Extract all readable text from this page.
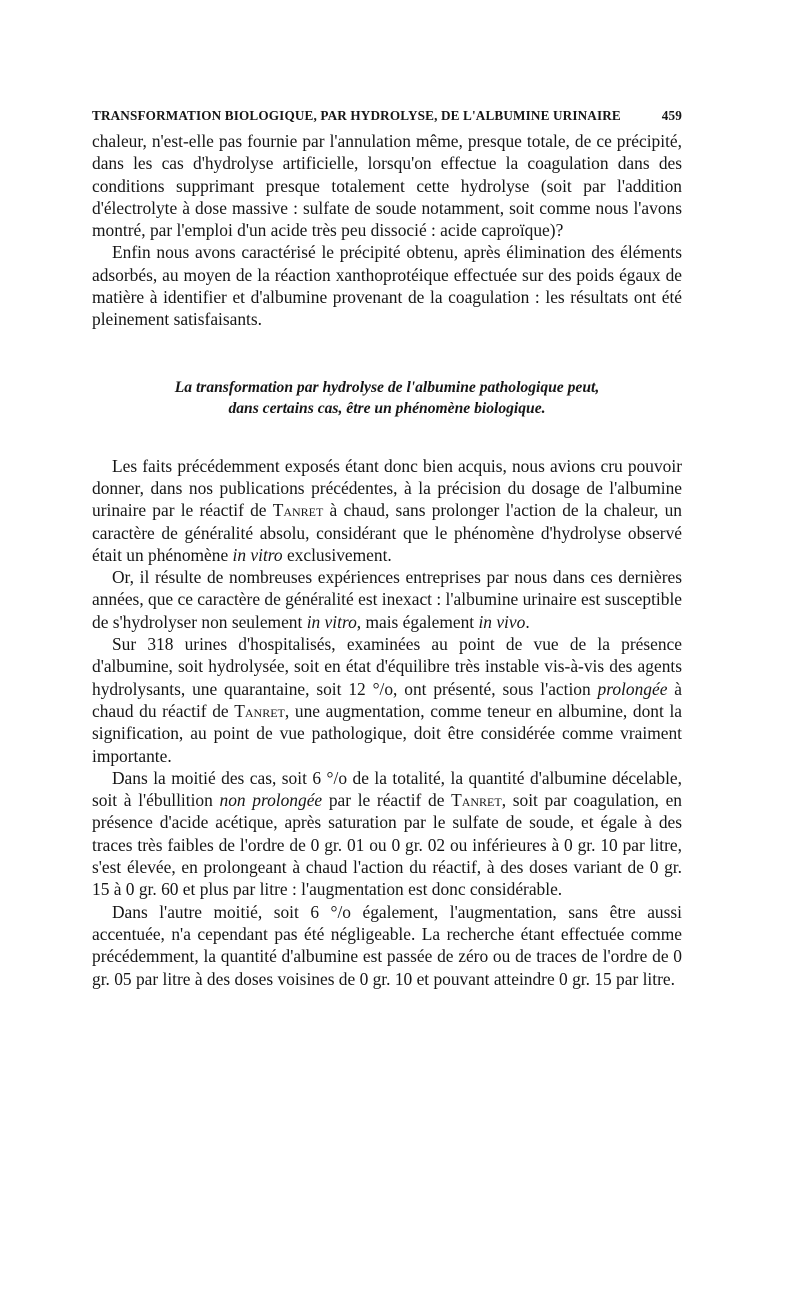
TRANSFORMATION BIOLOGIQUE, PAR HYDROLYSE, DE L'ALBUMINE URINAIRE	459

chaleur, n'est-elle pas fournie par l'annulation même, presque totale, de ce précipité, dans les cas d'hydrolyse artificielle, lorsqu'on effectue la coagulation dans des conditions supprimant presque totalement cette hydrolyse (soit par l'addition d'électrolyte à dose massive : sulfate de soude notamment, soit comme nous l'avons montré, par l'emploi d'un acide très peu dissocié : acide caproïque)?

Enfin nous avons caractérisé le précipité obtenu, après élimination des éléments adsorbés, au moyen de la réaction xanthoprotéique effectuée sur des poids égaux de matière à identifier et d'albumine provenant de la coagulation : les résultats ont été pleinement satisfaisants.

La transformation par hydrolyse de l'albumine pathologique peut,
dans certains cas, être un phénomène biologique.

Les faits précédemment exposés étant donc bien acquis, nous avions cru pouvoir donner, dans nos publications précédentes, à la précision du dosage de l'albumine urinaire par le réactif de Tanret à chaud, sans prolonger l'action de la chaleur, un caractère de généralité absolu, considérant que le phénomène d'hydrolyse observé était un phénomène in vitro exclusivement.

Or, il résulte de nombreuses expériences entreprises par nous dans ces dernières années, que ce caractère de généralité est inexact : l'albumine urinaire est susceptible de s'hydrolyser non seulement in vitro, mais également in vivo.

Sur 318 urines d'hospitalisés, examinées au point de vue de la présence d'albumine, soit hydrolysée, soit en état d'équilibre très instable vis-à-vis des agents hydrolysants, une quarantaine, soit 12 °/o, ont présenté, sous l'action prolongée à chaud du réactif de Tanret, une augmentation, comme teneur en albumine, dont la signification, au point de vue pathologique, doit être considérée comme vraiment importante.

Dans la moitié des cas, soit 6 °/o de la totalité, la quantité d'albumine décelable, soit à l'ébullition non prolongée par le réactif de Tanret, soit par coagulation, en présence d'acide acétique, après saturation par le sulfate de soude, et égale à des traces très faibles de l'ordre de 0 gr. 01 ou 0 gr. 02 ou inférieures à 0 gr. 10 par litre, s'est élevée, en prolongeant à chaud l'action du réactif, à des doses variant de 0 gr. 15 à 0 gr. 60 et plus par litre : l'augmentation est donc considérable.

Dans l'autre moitié, soit 6 °/o également, l'augmentation, sans être aussi accentuée, n'a cependant pas été négligeable. La recherche étant effectuée comme précédemment, la quantité d'albumine est passée de zéro ou de traces de l'ordre de 0 gr. 05 par litre à des doses voisines de 0 gr. 10 et pouvant atteindre 0 gr. 15 par litre.
